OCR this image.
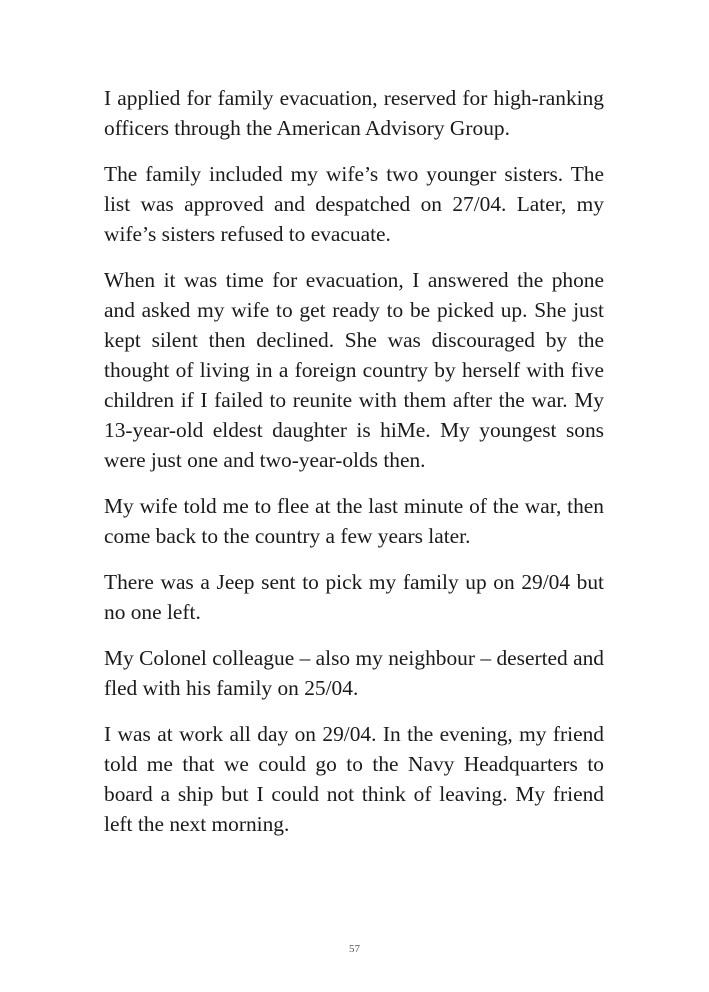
I applied for family evacuation, reserved for high-ranking officers through the American Advisory Group.

The family included my wife’s two younger sisters. The list was approved and despatched on 27/04. Later, my wife’s sisters refused to evacuate.

When it was time for evacuation, I answered the phone and asked my wife to get ready to be picked up. She just kept silent then declined. She was discouraged by the thought of living in a foreign country by herself with five children if I failed to reunite with them after the war. My 13-year-old eldest daughter is hiMe. My youngest sons were just one and two-year-olds then.

My wife told me to flee at the last minute of the war, then come back to the country a few years later.

There was a Jeep sent to pick my family up on 29/04 but no one left.

My Colonel colleague – also my neighbour – deserted and fled with his family on 25/04.

I was at work all day on 29/04. In the evening, my friend told me that we could go to the Navy Headquarters to board a ship but I could not think of leaving. My friend left the next morning.

57
